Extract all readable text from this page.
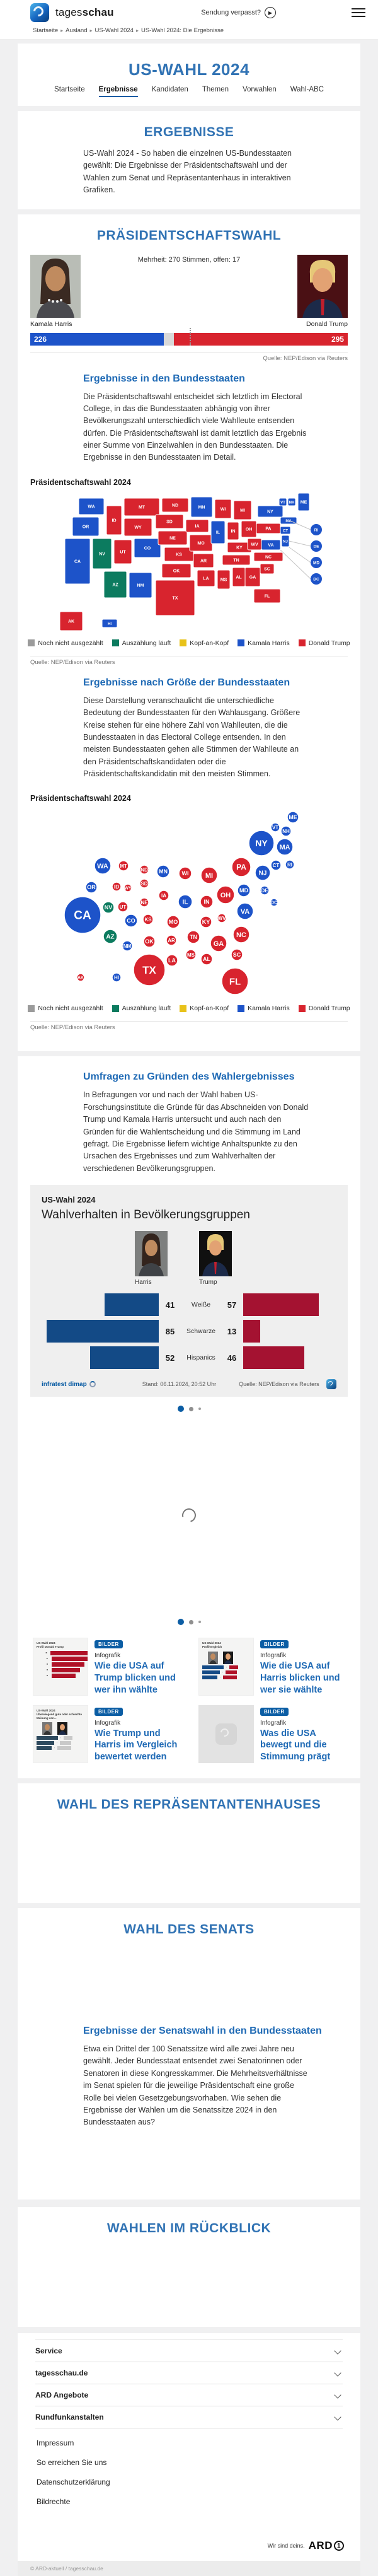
tagesschau	Sendung verpasst?	▶
Startseite ▸ Ausland ▸ US-Wahl 2024 ▸ US-Wahl 2024: Die Ergebnisse
US-WAHL 2024
Startseite Ergebnisse Kandidaten Themen Vorwahlen Wahl-ABC
ERGEBNISSE

US-Wahl 2024 - So haben die einzelnen US-Bundesstaaten gewählt: Die Ergebnisse der Präsidentschaftswahl und der Wahlen zum Senat und Repräsentantenhaus in interaktiven Grafiken.

PRÄSIDENTSCHAFTSWAHL
Mehrheit: 270 Stimmen, offen: 17
Kamala Harris	Donald Trump
226	295
Quelle: NEP/Edison via Reuters
Ergebnisse in den Bundesstaaten

Die Präsidentschaftswahl entscheidet sich letztlich im Electoral College, in das die Bundesstaaten abhängig von ihrer Bevölkerungszahl unterschiedlich viele Wahlleute entsenden dürfen. Die Präsidentschaftswahl ist damit letztlich das Ergebnis einer Summe von Einzelwahlen in den Bundesstaaten. Die Ergebnisse in den Bundesstaaten im Detail.

Präsidentschaftswahl 2024
WA
OR
CA
ID
NV	UT
AZ
MT
WY
CO
NM
ND
SD
NE
KS
OK
TX
MN
IA
MO
AR
LA
WI
IL
MS
MI
IN
KY
TN
AL
OH
WV VA
NC
SC
GA
FL
PA
NY
ME
VT NH
MA
CT
NJ
AK
HI
RI
DE
MD
DC
Noch nicht ausgezählt	Auszählung läuft	Kopf-an-Kopf	Kamala Harris	Donald Trump
Quelle: NEP/Edison via Reuters
Ergebnisse nach Größe der Bundesstaaten

Diese Darstellung veranschaulicht die unterschiedliche Bedeutung der Bundesstaaten für den Wahlausgang. Größere Kreise stehen für eine höhere Zahl von Wahlleuten, die die Bundesstaaten in das Electoral College entsenden. In den meisten Bundesstaaten gehen alle Stimmen der Wahlleute an den Präsidentschaftskandidaten oder die Präsidentschaftskandidatin mit den meisten Stimmen.

Präsidentschaftswahl 2024
ME
VT
NH
NY MA
WA MT
ND MN	WI MI
PA
NJ
CT RI
OR	ID WY
SD
MD	DE
DC
IA	OH
NE	IL	IN
NV UT
CA	VA
CO KS	MO	KY
WV
NC
AZ	TN
GA
NM
OK	AR
SC
MS
AL
LA
TX
AK	HI	FL
Noch nicht ausgezählt	Auszählung läuft	Kopf-an-Kopf	Kamala Harris	Donald Trump
Quelle: NEP/Edison via Reuters
Umfragen zu Gründen des Wahlergebnisses

In Befragungen vor und nach der Wahl haben US-Forschungsinstitute die Gründe für das Abschneiden von Donald Trump und Kamala Harris untersucht und auch nach den Gründen für die Wahlentscheidung und die Stimmung im Land gefragt. Die Ergebnisse liefern wichtige Anhaltspunkte zu den Ursachen des Ergebnisses und zum Wahlverhalten der verschiedenen Bevölkerungsgruppen.

US-Wahl 2024
Wahlverhalten in Bevölkerungsgruppen
Harris	Trump
41	Weiße	57
85	Schwarze	13
52	Hispanics	46
infratest dimap	Stand: 06.11.2024, 20:52 Uhr	Quelle: NEP/Edison via Reuters
US-Wahl 2024
Profil Donald Trump
■
■
■
■
■
BILDER
Infografik
Wie die USA auf Trump blicken und wer ihn wählte
US-Wahl 2024
Profilvergleich
·
·
·
BILDER
Infografik
Wie die USA auf Harris blicken und wer sie wählte
US-Wahl 2024
Überwiegend gute oder schlechte Meinung von...
·
·
·
BILDER
Infografik
Wie Trump und Harris im Vergleich bewertet werden
BILDER
Infografik
Was die USA bewegt und die Stimmung prägt
WAHL DES REPRÄSENTANTENHAUSES
WAHL DES SENATS
Ergebnisse der Senatswahl in den Bundesstaaten

Etwa ein Drittel der 100 Senatssitze wird alle zwei Jahre neu gewählt. Jeder Bundesstaat entsendet zwei Senatorinnen oder Senatoren in diese Kongresskammer. Die Mehrheitsverhältnisse im Senat spielen für die jeweilige Präsidentschaft eine große Rolle bei vielen Gesetzgebungsvorhaben. Wie sehen die Ergebnisse der Wahlen um die Senatssitze 2024 in den Bundesstaaten aus?

WAHLEN IM RÜCKBLICK
Service
tagesschau.de
ARD Angebote
Rundfunkanstalten
Impressum
So erreichen Sie uns
Datenschutzerklärung
Bildrechte
Wir sind deins. ARD 1
© ARD-aktuell / tagesschau.de
